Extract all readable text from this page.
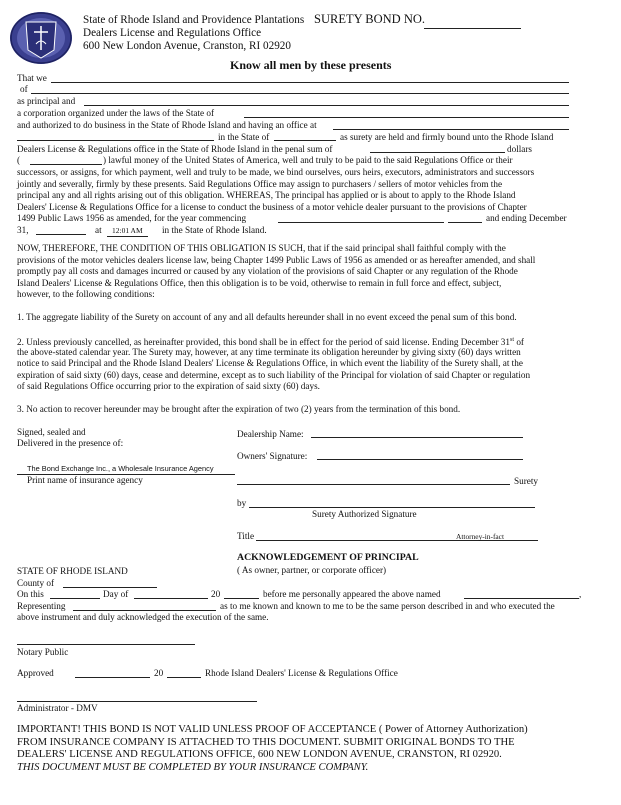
State of Rhode Island and Providence Plantations SURETY BOND NO.
Dealers License and Regulations Office
600 New London Avenue, Cranston, RI 02920
Know all men by these presents
That we
of
as principal and
a corporation organized under the laws of the State of
and authorized to do business in the State of Rhode Island and having an office at
in the State of	as surety are held and firmly bound unto the Rhode Island
Dealers License & Regulations office in the State of Rhode Island in the penal sum of	dollars
(	) lawful money of the United States of America, well and truly to be paid to the said Regulations Office or their
successors, or assigns, for which payment, well and truly to be made, we bind ourselves, ours heirs, executors, administrators and successors
jointly and severally, firmly by these presents. Said Regulations Office may assign to purchasers / sellers of motor vehicles from the
principal any and all rights arising out of this obligation. WHEREAS, The principal has applied or is about to apply to the Rhode Island
Dealers' License & Regulations Office for a license to conduct the business of a motor vehicle dealer pursuant to the provisions of Chapter
1499 Public Laws 1956 as amended, for the year commencing	and ending December
31,	at	12:01 AM	in the State of Rhode Island.
NOW, THEREFORE, THE CONDITION OF THIS OBLIGATION IS SUCH, that if the said principal shall faithful comply with the
provisions of the motor vehicles dealers license law, being Chapter 1499 Public Laws of 1956 as amended or as hereafter amended, and shall
promptly pay all costs and damages incurred or caused by any violation of the provisions of said Chapter or any regulation of the Rhode
Island Dealers' License & Regulations Office, then this obligation is to be void, otherwise to remain in full force and effect, subject,
however, to the following conditions:
1. The aggregate liability of the Surety on account of any and all defaults hereunder shall in no event exceed the penal sum of this bond.
2. Unless previously cancelled, as hereinafter provided, this bond shall be in effect for the period of said license. Ending December 31st of
the above-stated calendar year. The Surety may, however, at any time terminate its obligation hereunder by giving sixty (60) days written
notice to said Principal and the Rhode Island Dealers' License & Regulations Office, in which event the liability of the Surety shall, at the
expiration of said sixty (60) days, cease and determine, except as to such liability of the Principal for violation of said Chapter or regulation
of said Regulations Office occurring prior to the expiration of said sixty (60) days.
3. No action to recover hereunder may be brought after the expiration of two (2) years from the termination of this bond.
Signed, sealed and
Delivered in the presence of:
Dealership Name:
Owners' Signature:
The Bond Exchange Inc., a Wholesale Insurance Agency
Print name of insurance agency	Surety
by
Surety Authorized Signature
Title	Attorney-in-fact
ACKNOWLEDGEMENT OF PRINCIPAL
( As owner, partner, or corporate officer)
STATE OF RHODE ISLAND
County of
On this	Day of	20	before me personally appeared the above named	,
Representing	as to me known and known to me to be the same person described in and who executed the
above instrument and duly acknowledged the execution of the same.
Notary Public
Approved	20	Rhode Island Dealers' License & Regulations Office
Administrator - DMV
IMPORTANT! THIS BOND IS NOT VALID UNLESS PROOF OF ACCEPTANCE ( Power of Attorney Authorization)
FROM INSURANCE COMPANY IS ATTACHED TO THIS DOCUMENT. SUBMIT ORIGINAL BONDS TO THE
DEALERS' LICENSE AND REGULATIONS OFFICE, 600 NEW LONDON AVENUE, CRANSTON, RI 02920.
THIS DOCUMENT MUST BE COMPLETED BY YOUR INSURANCE COMPANY.
